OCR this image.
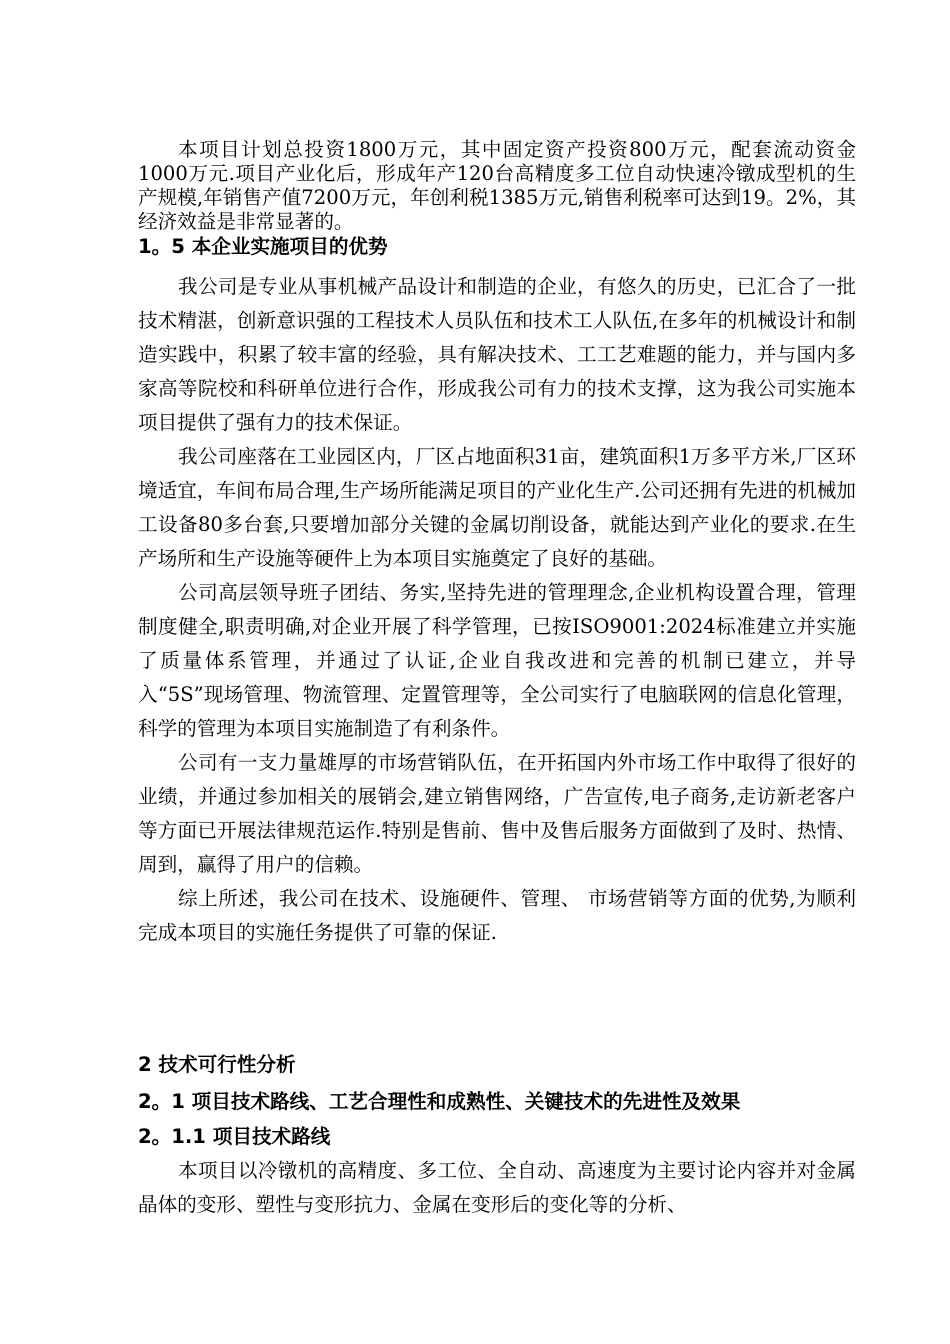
本项目计划总投资1800万元，其中固定资产投资800万元，配套流动资金1000万元.项目产业化后，形成年产120台高精度多工位自动快速冷镦成型机的生产规模,年销售产值7200万元，年创利税1385万元,销售利税率可达到19。2%，其经济效益是非常显著的。

1。5 本企业实施项目的优势

我公司是专业从事机械产品设计和制造的企业，有悠久的历史，已汇合了一批技术精湛，创新意识强的工程技术人员队伍和技术工人队伍,在多年的机械设计和制造实践中，积累了较丰富的经验，具有解决技术、工工艺难题的能力，并与国内多家高等院校和科研单位进行合作，形成我公司有力的技术支撑，这为我公司实施本项目提供了强有力的技术保证。

我公司座落在工业园区内，厂区占地面积31亩，建筑面积1万多平方米,厂区环境适宜，车间布局合理,生产场所能满足项目的产业化生产.公司还拥有先进的机械加工设备80多台套,只要增加部分关键的金属切削设备，就能达到产业化的要求.在生产场所和生产设施等硬件上为本项目实施奠定了良好的基础。

公司高层领导班子团结、务实,坚持先进的管理理念,企业机构设置合理，管理制度健全,职责明确,对企业开展了科学管理，已按ISO9001:2024标准建立并实施了质量体系管理，并通过了认证,企业自我改进和完善的机制已建立，并导入“5S”现场管理、物流管理、定置管理等，全公司实行了电脑联网的信息化管理，科学的管理为本项目实施制造了有利条件。

公司有一支力量雄厚的市场营销队伍，在开拓国内外市场工作中取得了很好的业绩，并通过参加相关的展销会,建立销售网络，广告宣传,电子商务,走访新老客户等方面已开展法律规范运作.特别是售前、售中及售后服务方面做到了及时、热情、周到，赢得了用户的信赖。

综上所述，我公司在技术、设施硬件、管理、 市场营销等方面的优势,为顺利完成本项目的实施任务提供了可靠的保证.

2 技术可行性分析
2。1 项目技术路线、工艺合理性和成熟性、关键技术的先进性及效果
2。1.1 项目技术路线

本项目以冷镦机的高精度、多工位、全自动、高速度为主要讨论内容并对金属晶体的变形、塑性与变形抗力、金属在变形后的变化等的分析、
